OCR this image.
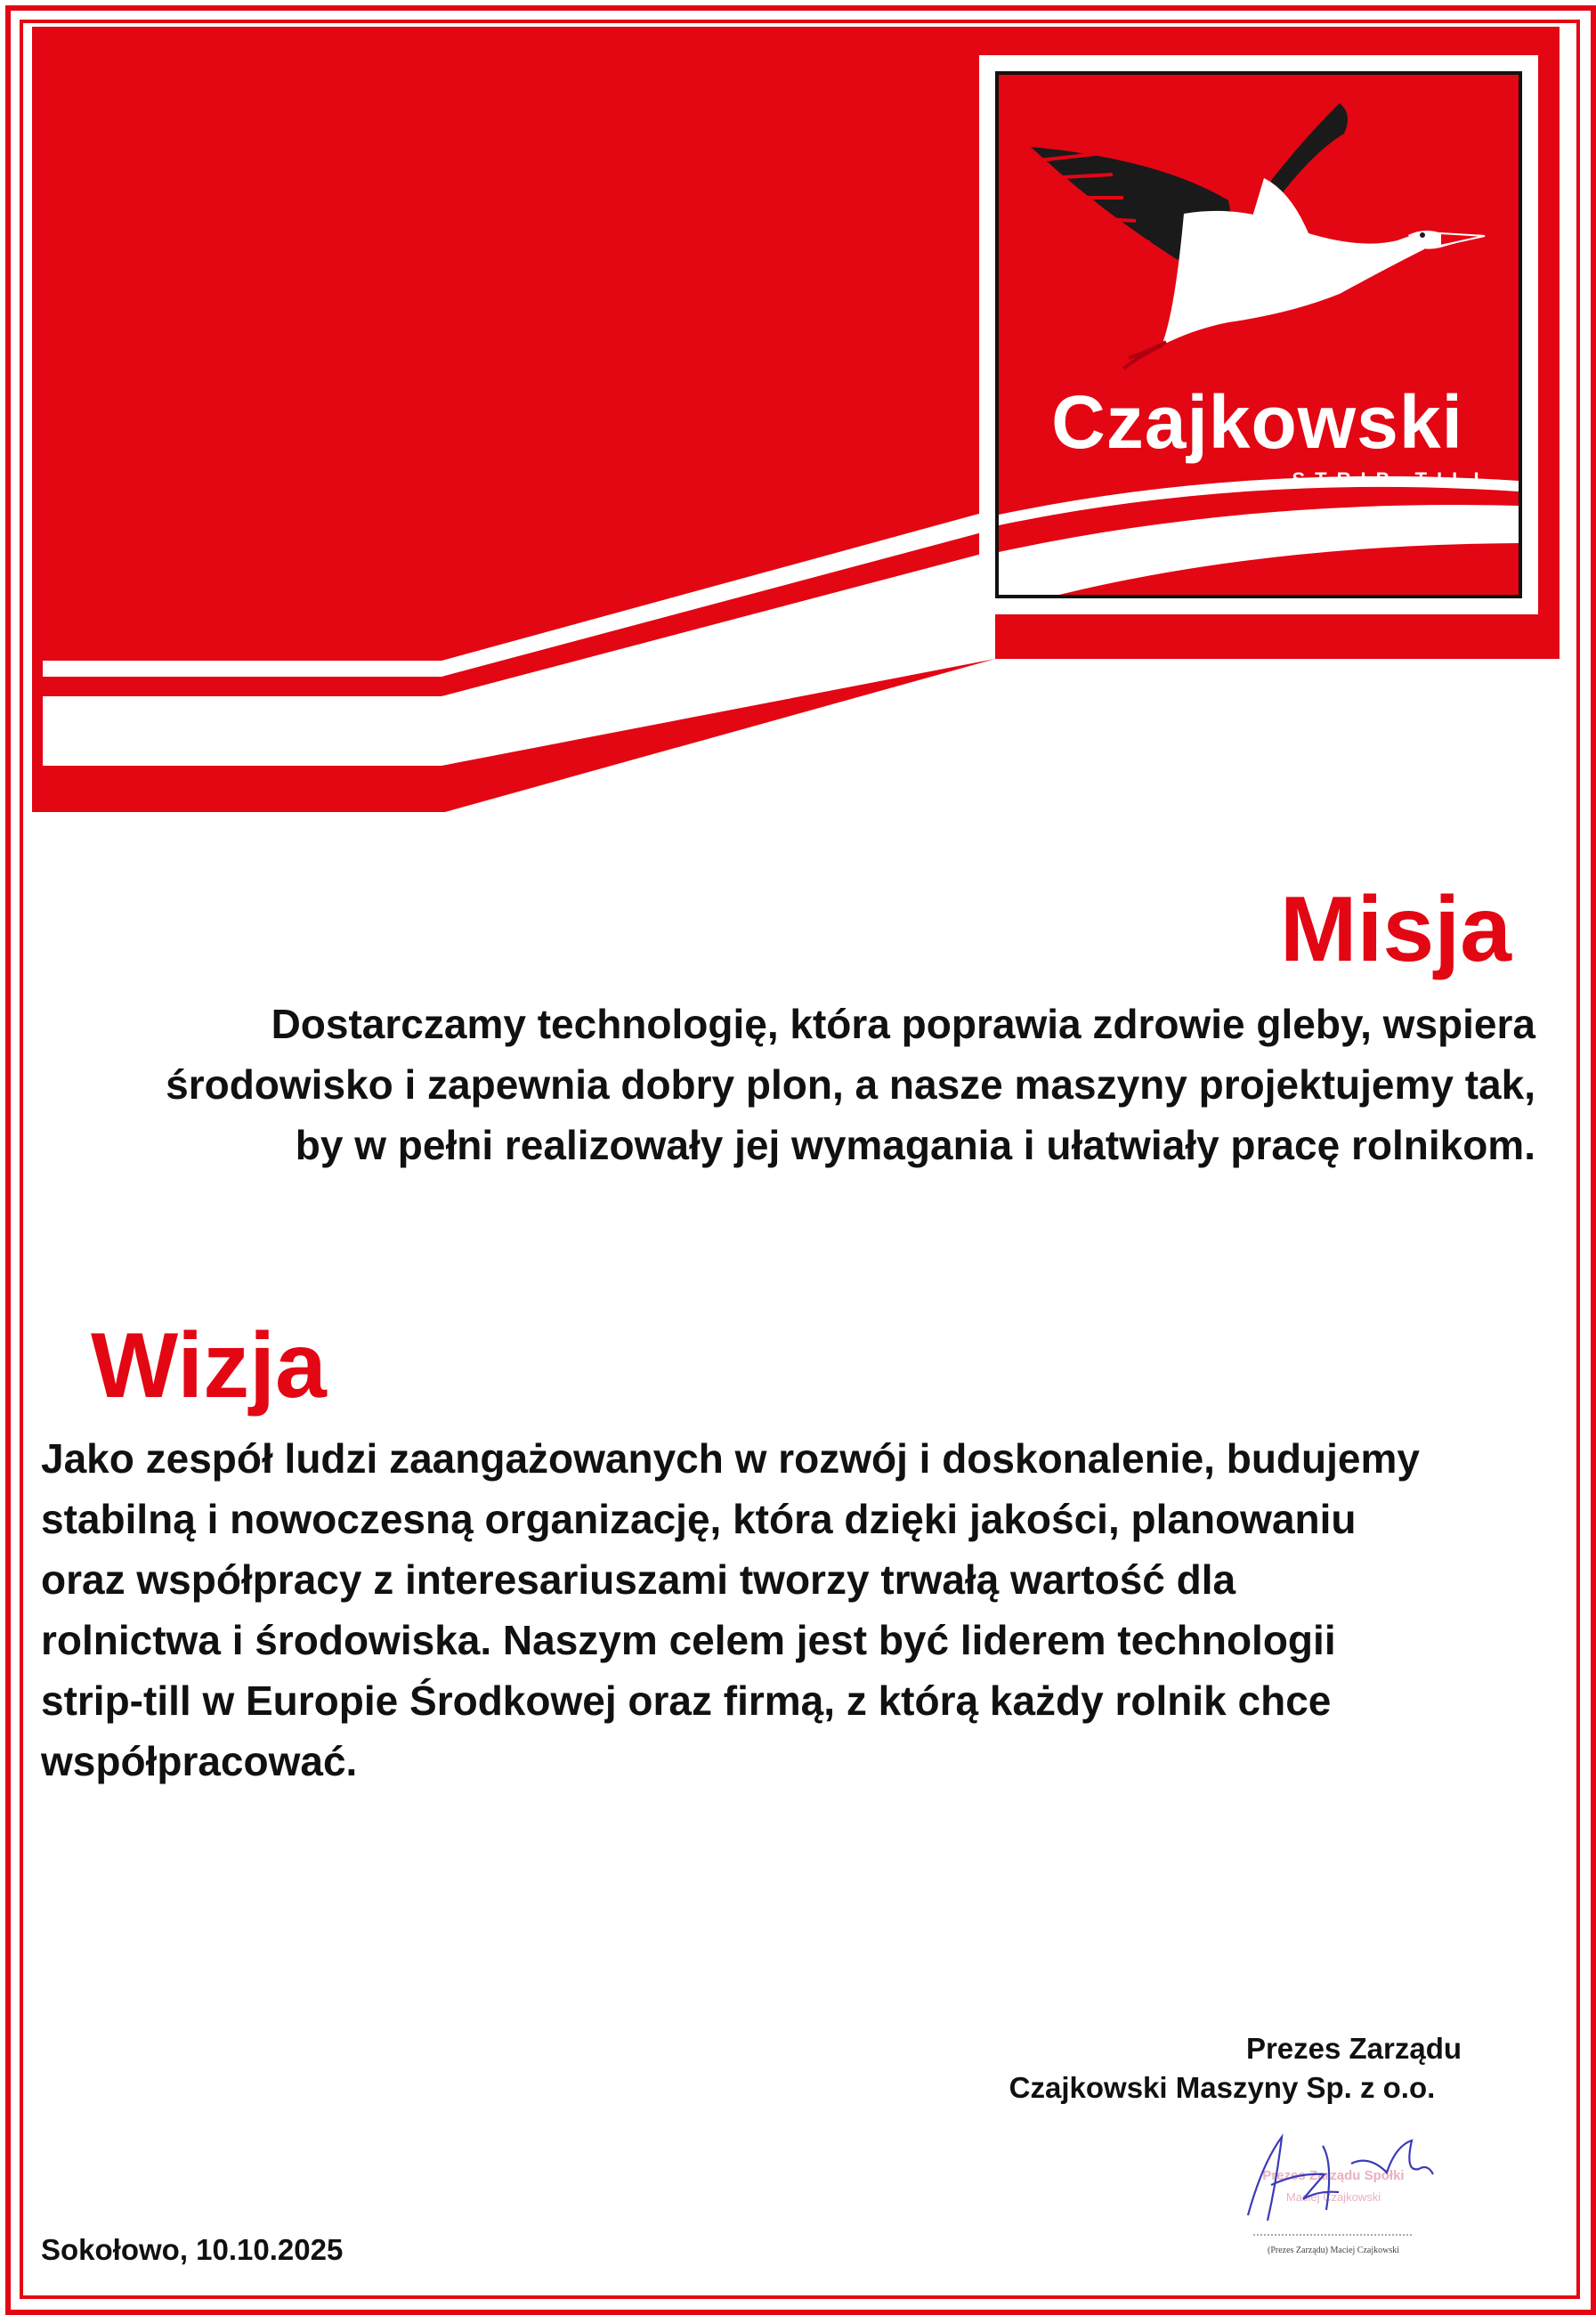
Czajkowski
STRIP-TILL
Misja

Dostarczamy technologię, która poprawia zdrowie gleby, wspiera
środowisko i zapewnia dobry plon, a nasze maszyny projektujemy tak,
by w pełni realizowały jej wymagania i ułatwiały pracę rolnikom.

Wizja

Jako zespół ludzi zaangażowanych w rozwój i doskonalenie, budujemy
stabilną i nowoczesną organizację, która dzięki jakości, planowaniu
oraz współpracy z interesariuszami tworzy trwałą wartość dla
rolnictwa i środowiska. Naszym celem jest być liderem technologii
strip-till w Europie Środkowej oraz firmą, z którą każdy rolnik chce
współpracować.

Prezes Zarządu

Czajkowski Maszyny Sp. z o.o.

Prezes Zarządu Spółki
Maciej Czajkowski
(Prezes Zarządu) Maciej Czajkowski

Sokołowo, 10.10.2025
